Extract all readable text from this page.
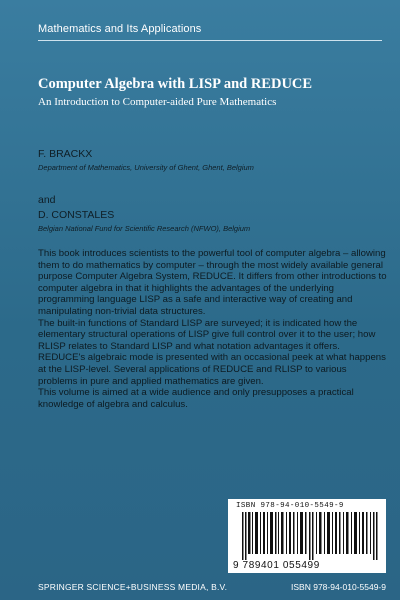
Mathematics and Its Applications
Computer Algebra with LISP and REDUCE
An Introduction to Computer-aided Pure Mathematics
F. BRACKX
Department of Mathematics, University of Ghent, Ghent, Belgium
and
D. CONSTALES
Belgian National Fund for Scientific Research (NFWO), Belgium

This book introduces scientists to the powerful tool of computer algebra – allowing them to do mathematics by computer – through the most widely available general purpose Computer Algebra System, REDUCE. It differs from other introductions to computer algebra in that it highlights the advantages of the underlying programming language LISP as a safe and interactive way of creating and manipulating non-trivial data structures.

The built-in functions of Standard LISP are surveyed; it is indicated how the elementary structural operations of LISP give full control over it to the user; how RLISP relates to Standard LISP and what notation advantages it offers.

REDUCE's algebraic mode is presented with an occasional peek at what happens at the LISP-level. Several applications of REDUCE and RLISP to various problems in pure and applied mathematics are given.

This volume is aimed at a wide audience and only presupposes a practical knowledge of algebra and calculus.

ISBN 978-94-010-5549-9
9 789401 055499
SPRINGER SCIENCE+BUSINESS MEDIA, B.V.	ISBN 978-94-010-5549-9
